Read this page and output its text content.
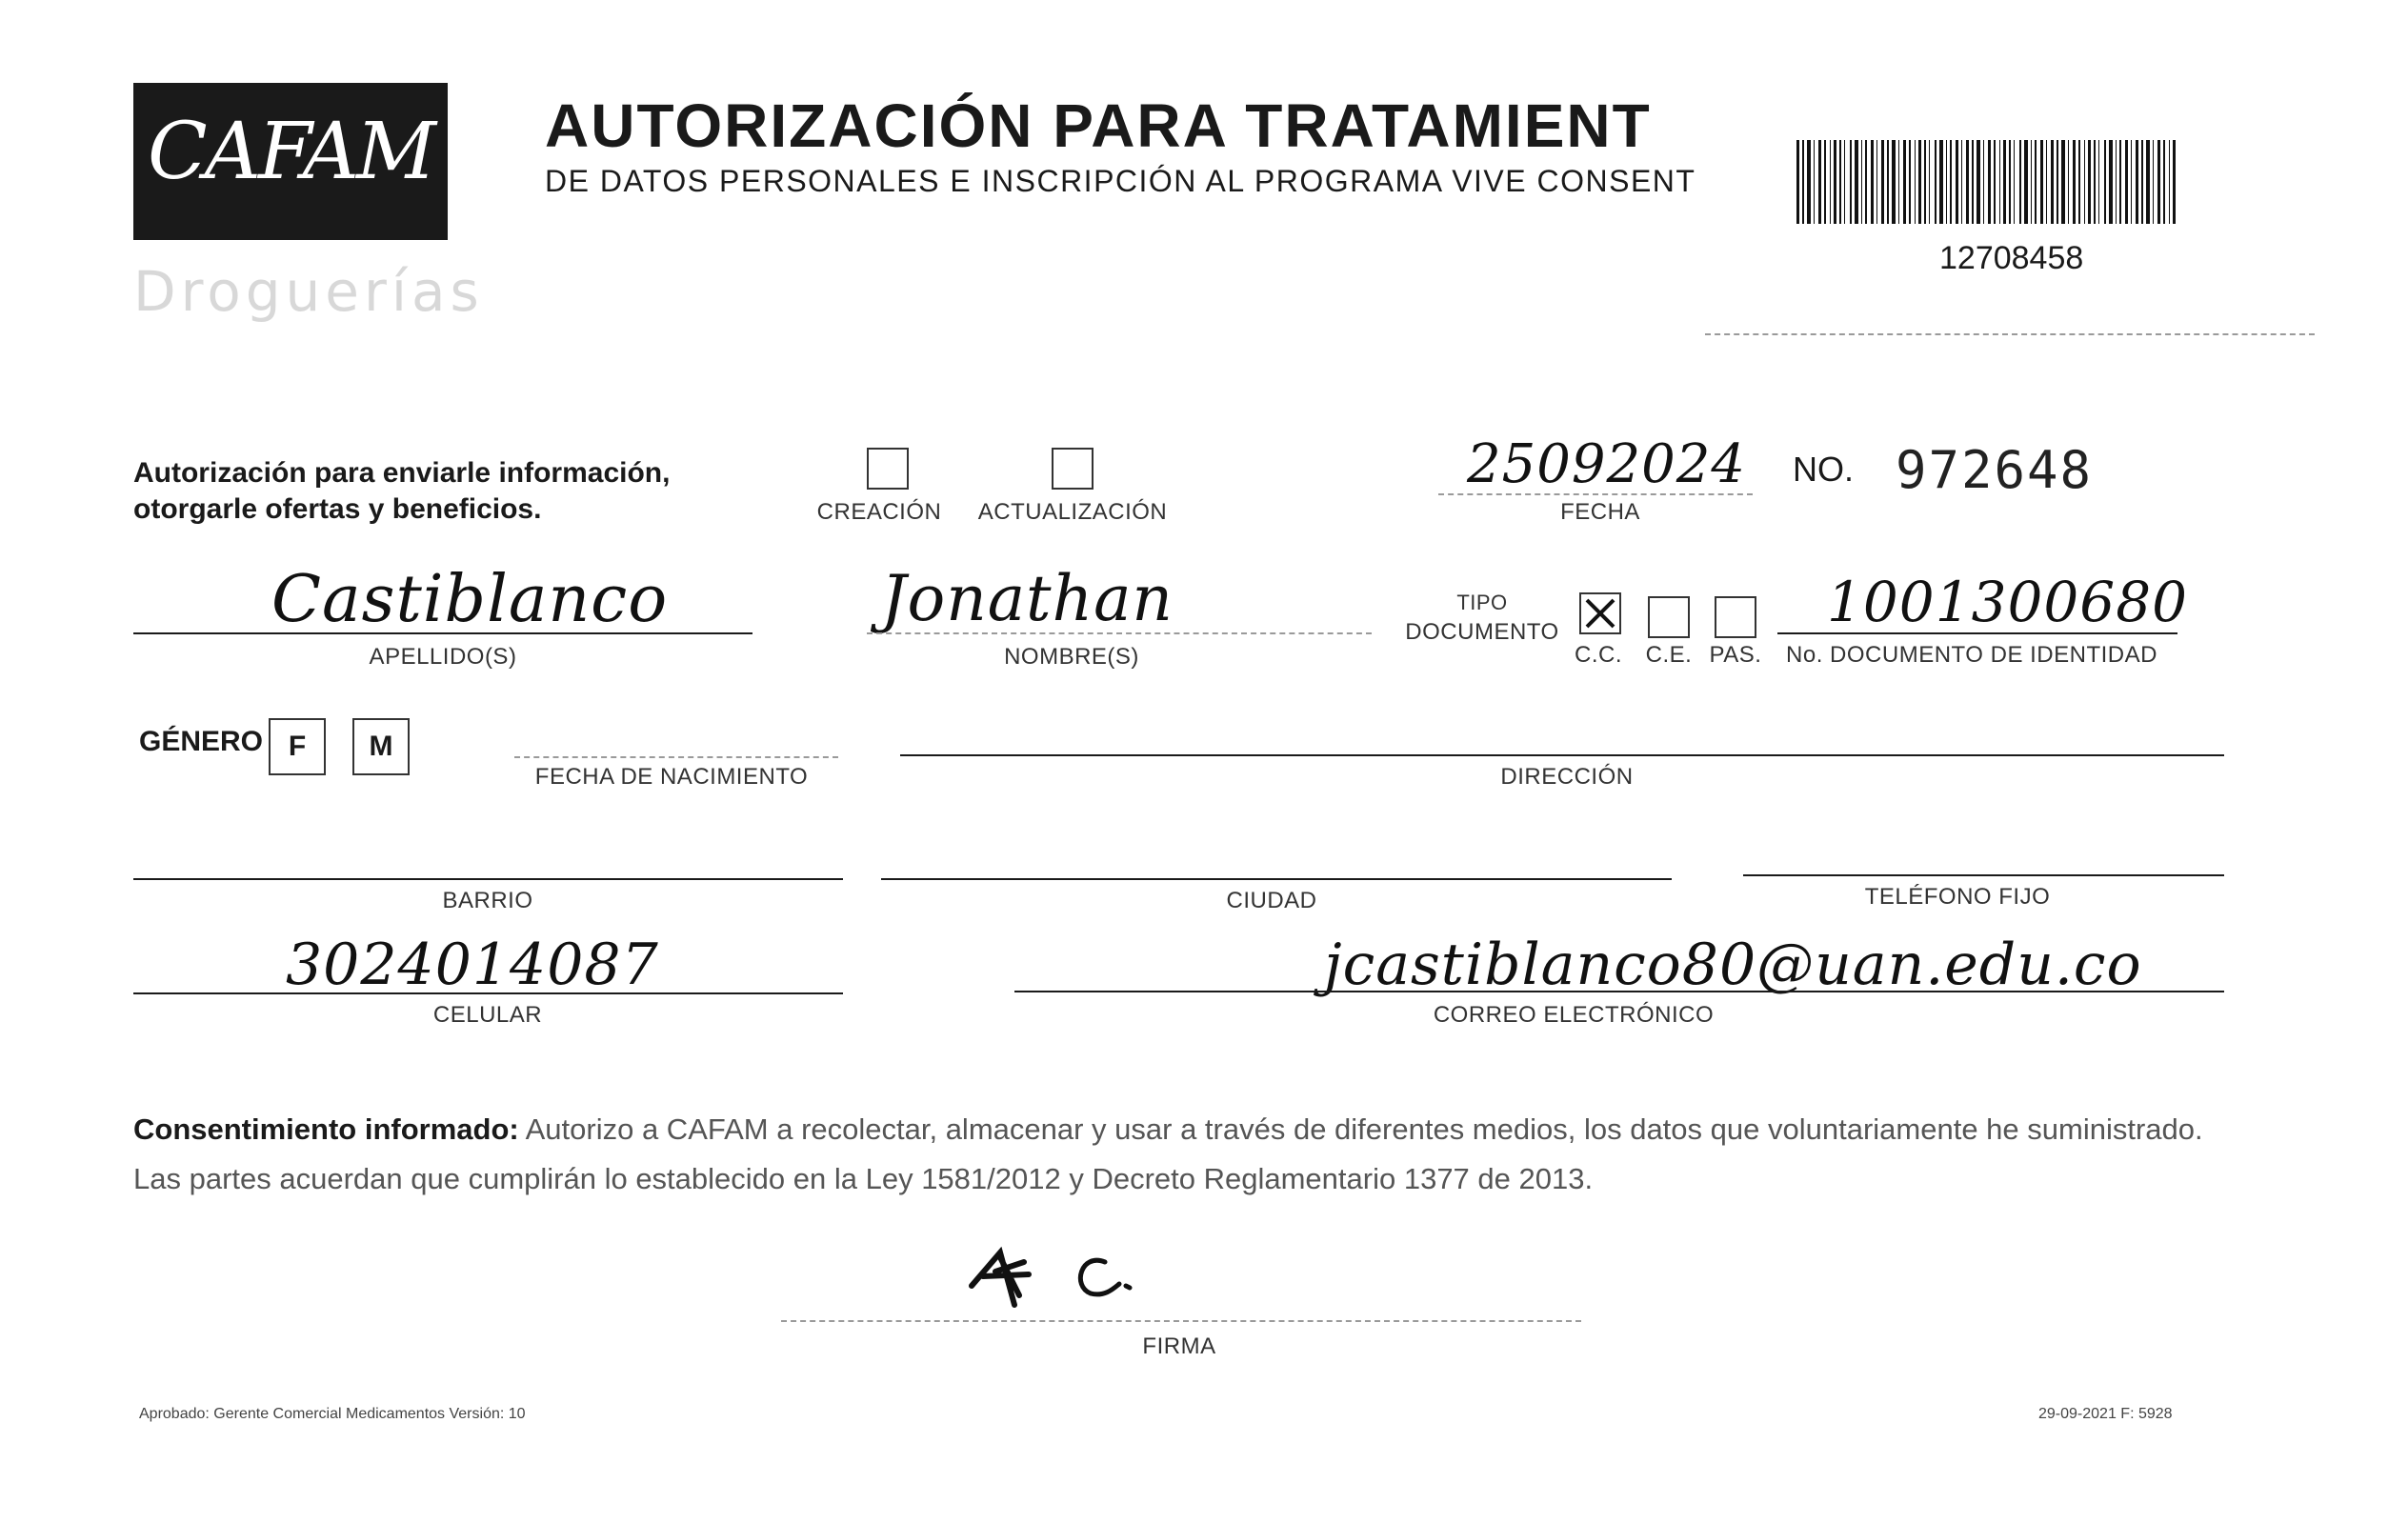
CAFAM
Droguerías
AUTORIZACIÓN PARA TRATAMIENT
DE DATOS PERSONALES E INSCRIPCIÓN AL PROGRAMA VIVE CONSENT
12708458
Autorización para enviarle información, otorgarle ofertas y beneficios.	CREACIÓN ACTUALIZACIÓN
25092024
FECHA
NO. 972648
Castiblanco
APELLIDO(S)
Jonathan
NOMBRE(S)
TIPO
DOCUMENTO
C.C. C.E. PAS.
1001300680
No. DOCUMENTO DE IDENTIDAD
GÉNERO F	M
FECHA DE NACIMIENTO	DIRECCIÓN
BARRIO	CIUDAD	TELÉFONO FIJO
3024014087
CELULAR
jcastiblanco80@uan.edu.co
CORREO ELECTRÓNICO
Consentimiento informado: Autorizo a CAFAM a recolectar, almacenar y usar a través de diferentes medios, los datos que voluntariamente he suministrado. Las partes acuerdan que cumplirán lo establecido en la Ley 1581/2012 y Decreto Reglamentario 1377 de 2013.
FIRMA
Aprobado: Gerente Comercial Medicamentos Versión: 10	29-09-2021 F: 5928
